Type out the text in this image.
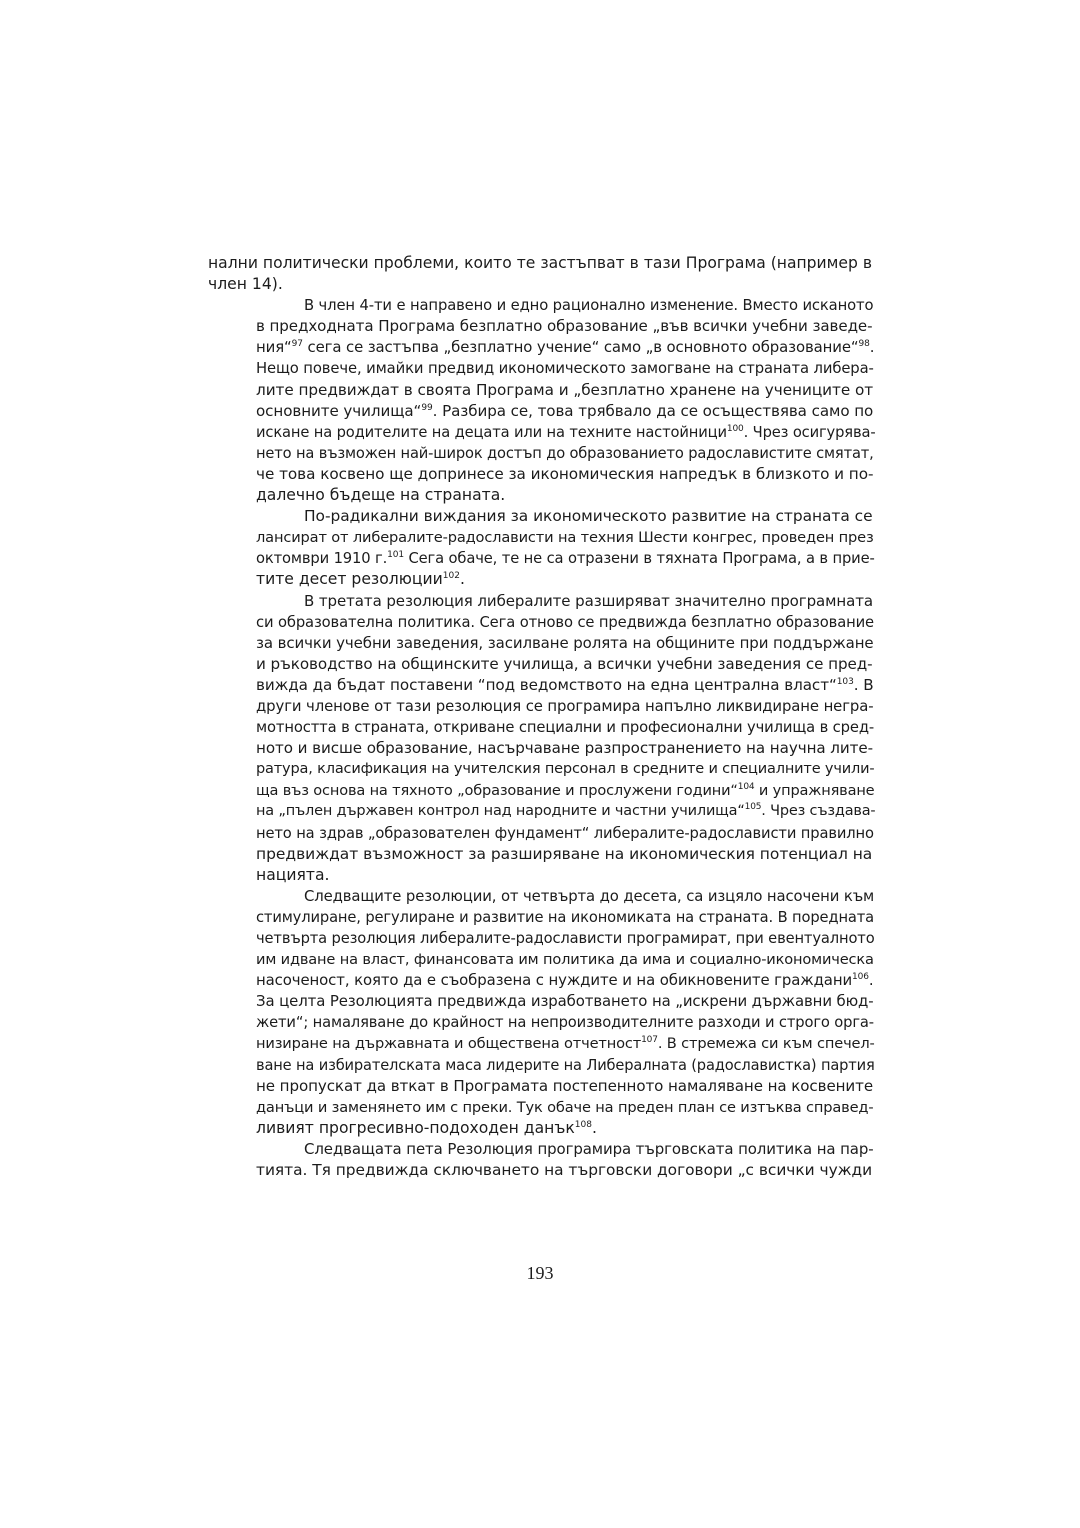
нални политически проблеми, които те застъпват в тази Програма (например в
член 14).
В член 4-ти е направено и едно рационално изменение. Вместо исканото
в предходната Програма безплатно образование „във всички учебни заведе-
ния“$^{97}$ сега се застъпва „безплатно учение“ само „в основното образование“$^{98}$.
Нещо повече, имайки предвид икономическото замогване на страната либера-
лите предвиждат в своята Програма и „безплатно хранене на учениците от
основните училища“$^{99}$. Разбира се, това трябвало да се осъществява само по
искане на родителите на децата или на техните настойници$^{100}$. Чрез осигурява-
нето на възможен най-широк достъп до образованието радославистите смятат,
че това косвено ще допринесе за икономическия напредък в близкото и по-
далечно бъдеще на страната.
По-радикални виждания за икономическото развитие на страната се
лансират от либералите-радослависти на техния Шести конгрес, проведен през
октомври 1910 г.$^{101}$ Сега обаче, те не са отразени в тяхната Програма, а в прие-
тите десет резолюции$^{102}$.
В третата резолюция либералите разширяват значително програмната
си образователна политика. Сега отново се предвижда безплатно образование
за всички учебни заведения, засилване ролята на общините при поддържане
и ръководство на общинските училища, а всички учебни заведения се пред-
вижда да бъдат поставени “под ведомството на една централна власт“$^{103}$. В
други членове от тази резолюция се програмира напълно ликвидиране негра-
мотността в страната, откриване специални и професионални училища в сред-
ното и висше образование, насърчаване разпространението на научна лите-
ратура, класификация на учителския персонал в средните и специалните учили-
ща въз основа на тяхното „образование и прослужени години“$^{104}$ и упражняване
на „пълен държавен контрол над народните и частни училища“$^{105}$. Чрез създава-
нето на здрав „образователен фундамент“ либералите-радослависти правилно
предвиждат възможност за разширяване на икономическия потенциал на
нацията.
Следващите резолюции, от четвърта до десета, са изцяло насочени към
стимулиране, регулиране и развитие на икономиката на страната. В поредната
четвърта резолюция либералите-радослависти програмират, при евентуалното
им идване на власт, финансовата им политика да има и социално-икономическа
насоченост, която да е съобразена с нуждите и на обикновените граждани$^{106}$.
За целта Резолюцията предвижда изработването на „искрени държавни бюд-
жети“; намаляване до крайност на непроизводителните разходи и строго орга-
низиране на държавната и обществена отчетност$^{107}$. В стремежа си към спечел-
ване на избирателската маса лидерите на Либералната (радославистка) партия
не пропускат да вткат в Програмата постепенното намаляване на косвените
данъци и заменянето им с преки. Тук обаче на преден план се изтъква справед-
ливият прогресивно-подоходен данък$^{108}$.
Следващата пета Резолюция програмира търговската политика на пар-
тията. Тя предвижда сключването на търговски договори „с всички чужди
193
